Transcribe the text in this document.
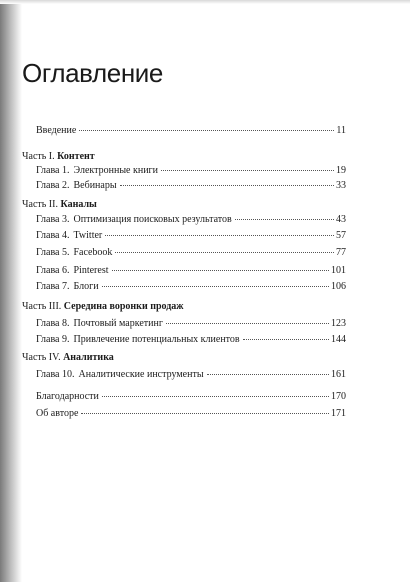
Оглавление
Введение	11
Часть I. Контент
Глава 1. Электронные книги	19
Глава 2. Вебинары	33
Часть II. Каналы
Глава 3. Оптимизация поисковых результатов	43
Глава 4. Twitter	57
Глава 5. Facebook	77
Глава 6. Pinterest	101
Глава 7. Блоги	106
Часть III. Середина воронки продаж
Глава 8. Почтовый маркетинг	123
Глава 9. Привлечение потенциальных клиентов	144
Часть IV. Аналитика
Глава 10. Аналитические инструменты	161
Благодарности	170
Об авторе	171
